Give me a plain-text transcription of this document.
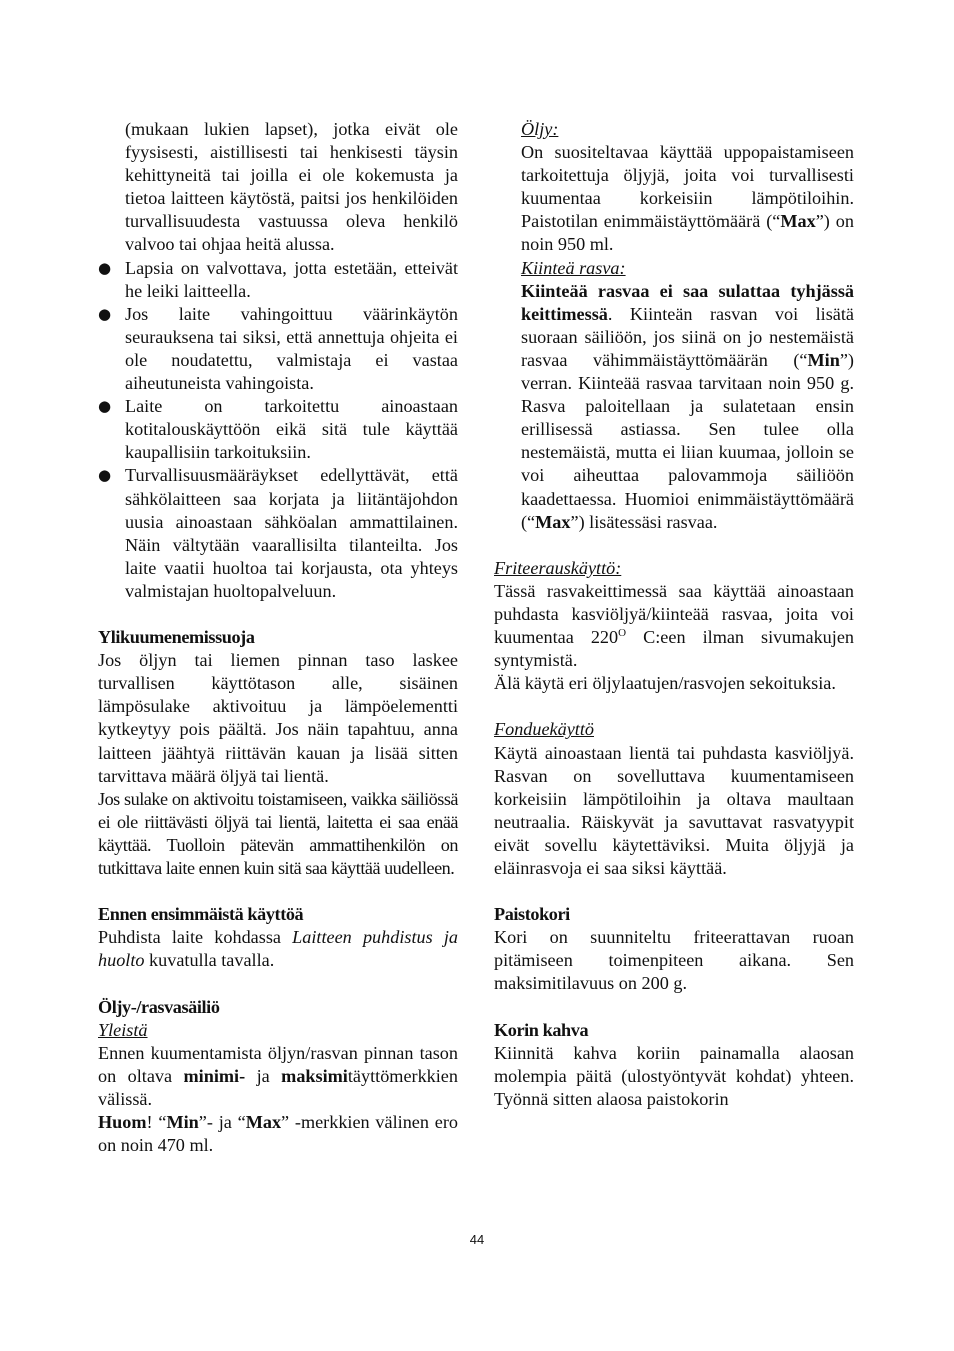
(mukaan lukien lapset), jotka eivät ole fyysisesti, aistillisesti tai henkisesti täysin kehittyneitä tai joilla ei ole kokemusta ja tietoa laitteen käytöstä, paitsi jos henkilöiden turvallisuudesta vastuussa oleva henkilö valvoo tai ohjaa heitä alussa.

● Lapsia on valvottava, jotta estetään, etteivät he leiki laitteella.

● Jos laite vahingoittuu väärinkäytön seurauksena tai siksi, että annettuja ohjeita ei ole noudatettu, valmistaja ei vastaa aiheutuneista vahingoista.

● Laite on tarkoitettu ainoastaan kotitalouskäyttöön eikä sitä tule käyttää kaupallisiin tarkoituksiin.

● Turvallisuusmääräykset edellyttävät, että sähkölaitteen saa korjata ja liitäntäjohdon uusia ainoastaan sähköalan ammattilainen. Näin vältytään vaarallisilta tilanteilta. Jos laite vaatii huoltoa tai korjausta, ota yhteys valmistajan huoltopalveluun.

Ylikuumenemissuoja

Jos öljyn tai liemen pinnan taso laskee turvallisen käyttötason alle, sisäinen lämpösulake aktivoituu ja lämpöelementti kytkeytyy pois päältä. Jos näin tapahtuu, anna laitteen jäähtyä riittävän kauan ja lisää sitten tarvittava määrä öljyä tai lientä.

Jos sulake on aktivoitu toistamiseen, vaikka säiliössä ei ole riittävästi öljyä tai lientä, laitetta ei saa enää käyttää. Tuolloin pätevän ammattihenkilön on tutkittava laite ennen kuin sitä saa käyttää uudelleen.

Ennen ensimmäistä käyttöä

Puhdista laite kohdassa Laitteen puhdistus ja huolto kuvatulla tavalla.

Öljy-/rasvasäiliö

Yleistä

Ennen kuumentamista öljyn/rasvan pinnan tason on oltava minimi- ja maksimitäyttömerkkien välissä.

Huom! “Min”- ja “Max” -merkkien välinen ero on noin 470 ml.

Öljy:

On suositeltavaa käyttää uppopaistamiseen tarkoitettuja öljyjä, joita voi turvallisesti kuumentaa korkeisiin lämpötiloihin. Paistotilan enimmäistäyttömäärä (“Max”) on noin 950 ml.

Kiinteä rasva:

Kiinteää rasvaa ei saa sulattaa tyhjässä keittimessä. Kiinteän rasvan voi lisätä suoraan säiliöön, jos siinä on jo nestemäistä rasvaa vähimmäistäyttömäärän (“Min”) verran. Kiinteää rasvaa tarvitaan noin 950 g. Rasva paloitellaan ja sulatetaan ensin erillisessä astiassa. Sen tulee olla nestemäistä, mutta ei liian kuumaa, jolloin se voi aiheuttaa palovammoja säiliöön kaadettaessa. Huomioi enimmäistäyttömäärä (“Max”) lisätessäsi rasvaa.

Friteerauskäyttö:

Tässä rasvakeittimessä saa käyttää ainoastaan puhdasta kasviöljyä/kiinteää rasvaa, joita voi kuumentaa $220^O$ C:een ilman sivumakujen syntymistä.

Älä käytä eri öljylaatujen/rasvojen sekoituksia.

Fonduekäyttö

Käytä ainoastaan lientä tai puhdasta kasviöljyä. Rasvan on sovelluttava kuumentamiseen korkeisiin lämpötiloihin ja oltava maultaan neutraalia. Räiskyvät ja savuttavat rasvatyypit eivät sovellu käytettäviksi. Muita öljyjä ja eläinrasvoja ei saa siksi käyttää.

Paistokori

Kori on suunniteltu friteerattavan ruoan pitämiseen toimenpiteen aikana. Sen maksimitilavuus on 200 g.

Korin kahva

Kiinnitä kahva koriin painamalla alaosan molempia päitä (ulostyöntyvät kohdat) yhteen. Työnnä sitten alaosa paistokorin

44
